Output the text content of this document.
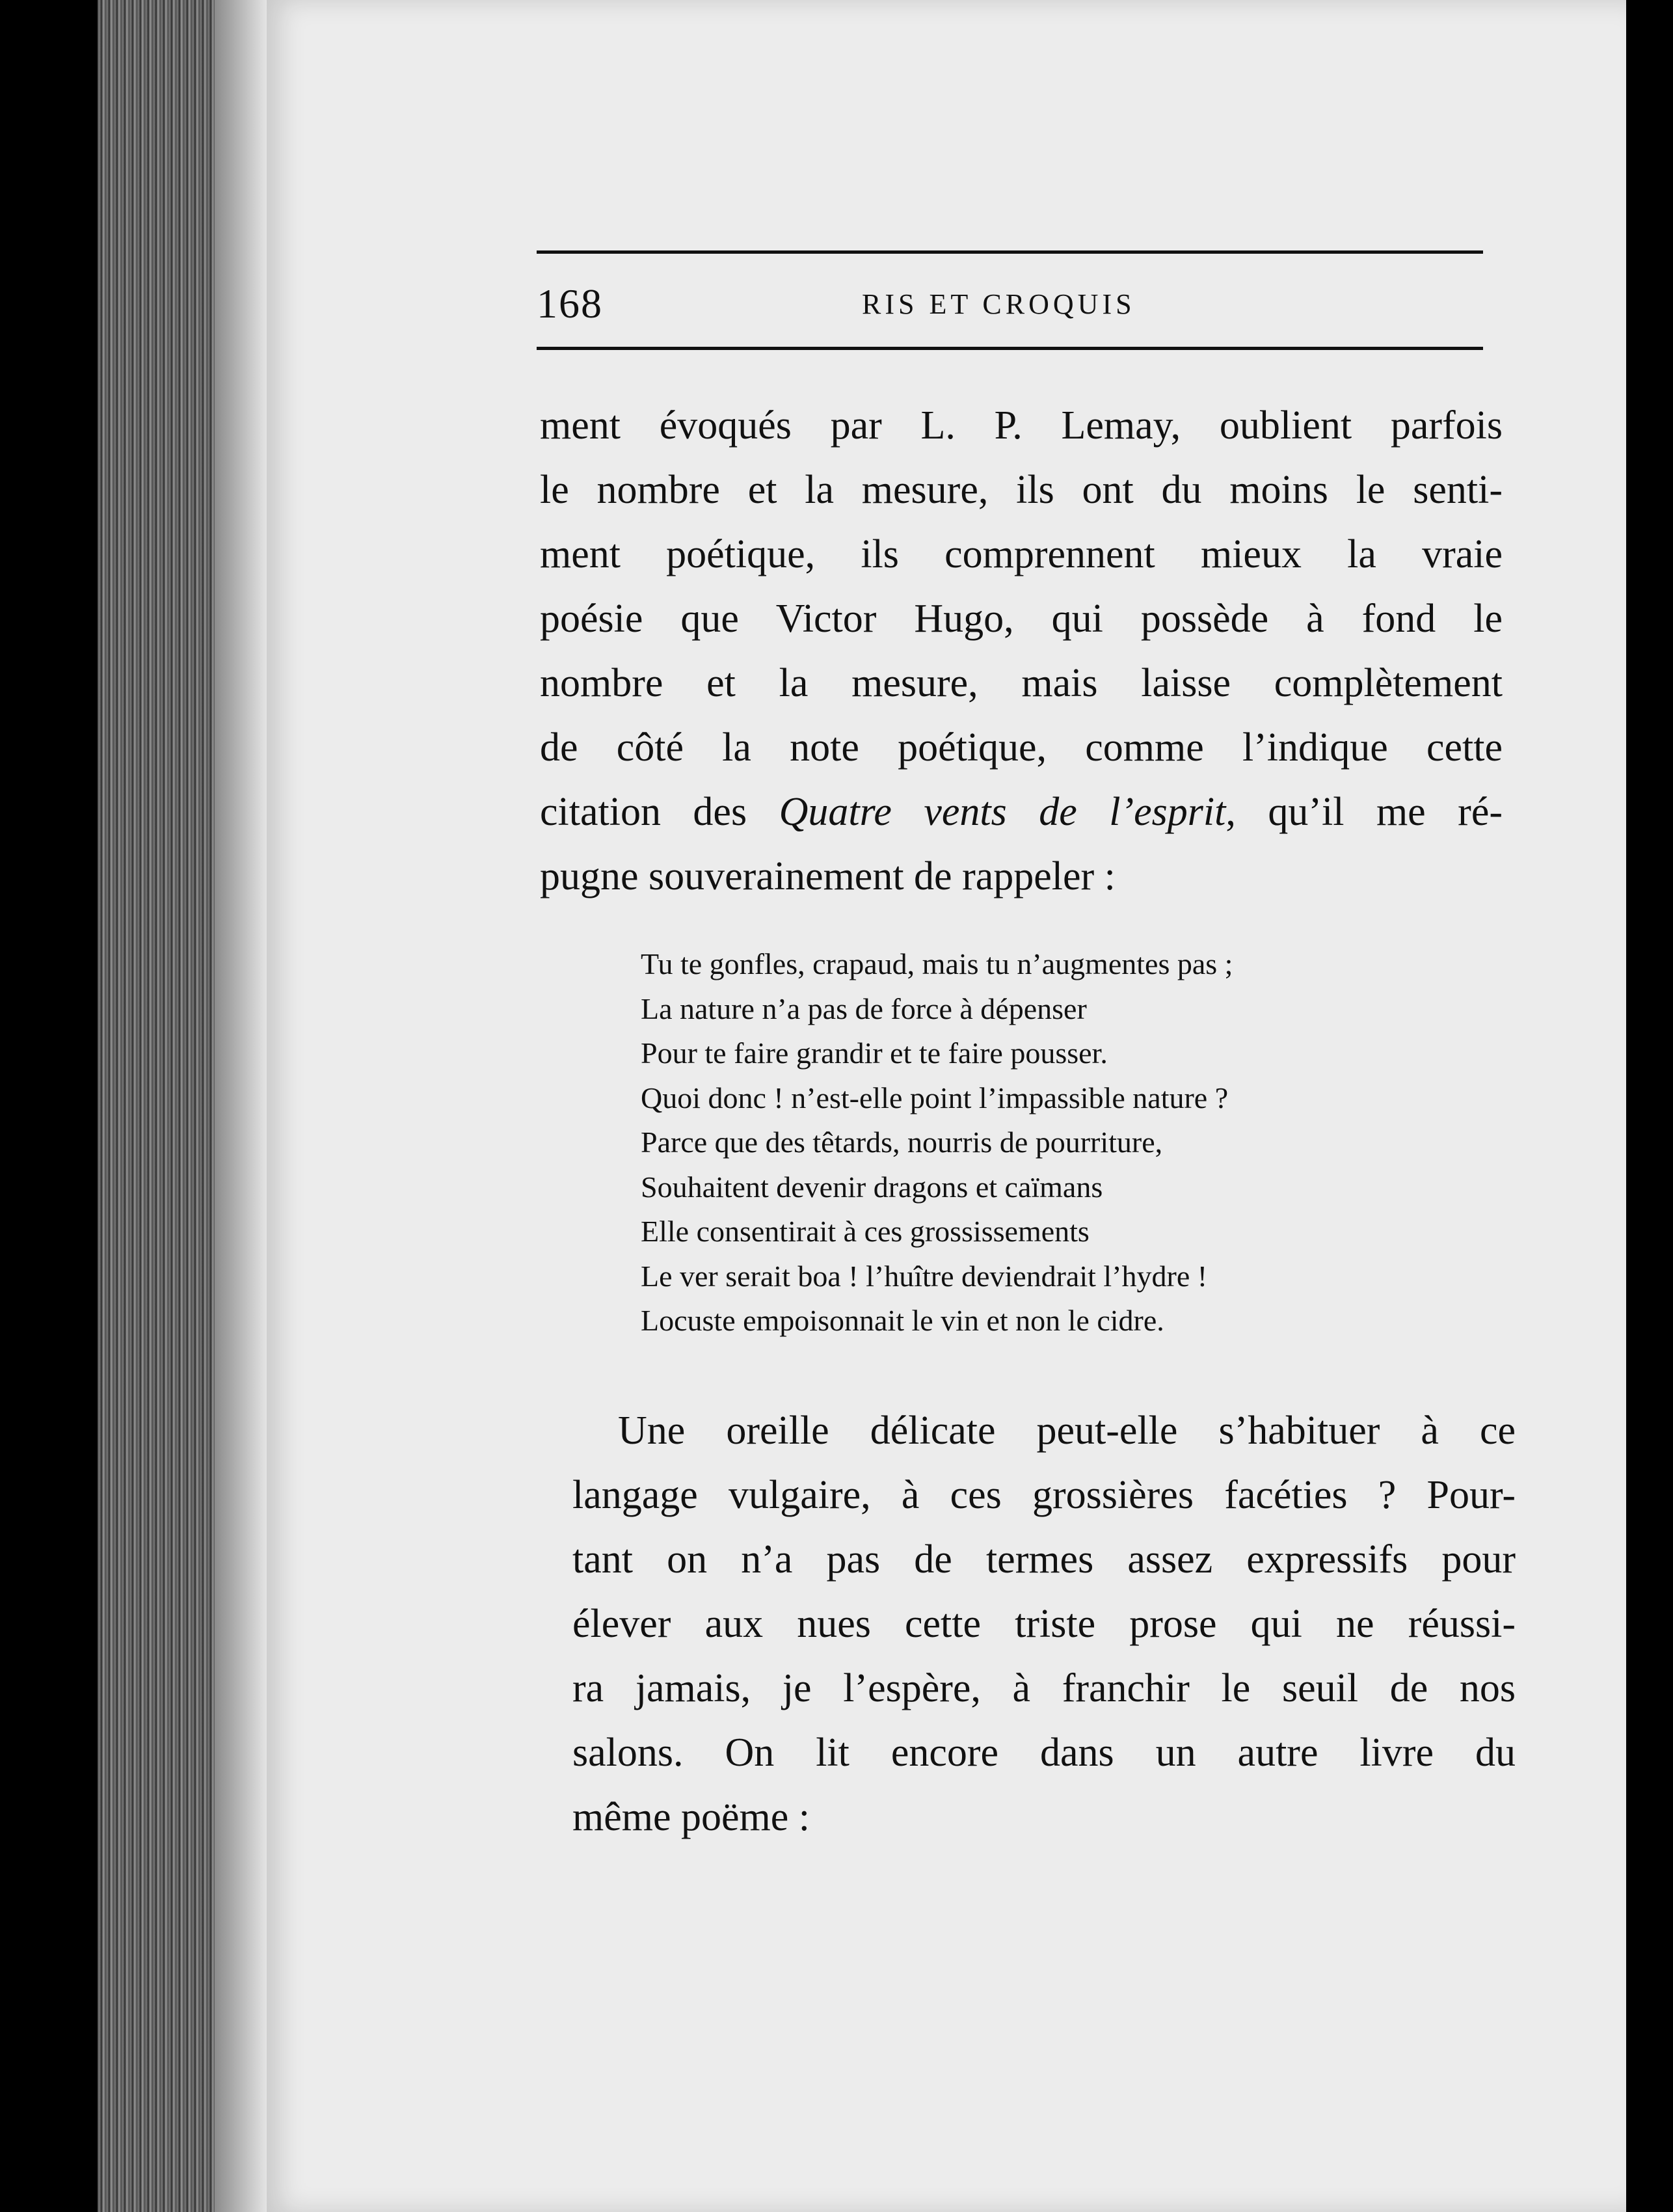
168	RIS ET CROQUIS
ment évoqués par L. P. Lemay, oublient parfois
le nombre et la mesure, ils ont du moins le senti-
ment poétique, ils comprennent mieux la vraie
poésie que Victor Hugo, qui possède à fond le
nombre et la mesure, mais laisse complètement
de côté la note poétique, comme l’indique cette
citation des Quatre vents de l’esprit, qu’il me ré-
pugne souverainement de rappeler :
Tu te gonfles, crapaud, mais tu n’augmentes pas ;
La nature n’a pas de force à dépenser
Pour te faire grandir et te faire pousser.
Quoi donc ! n’est-elle point l’impassible nature ?
Parce que des têtards, nourris de pourriture,
Souhaitent devenir dragons et caïmans
Elle consentirait à ces grossissements
Le ver serait boa ! l’huître deviendrait l’hydre !
Locuste empoisonnait le vin et non le cidre.
Une oreille délicate peut-elle s’habituer à ce
langage vulgaire, à ces grossières facéties ? Pour-
tant on n’a pas de termes assez expressifs pour
élever aux nues cette triste prose qui ne réussi-
ra jamais, je l’espère, à franchir le seuil de nos
salons. On lit encore dans un autre livre du
même poëme :
